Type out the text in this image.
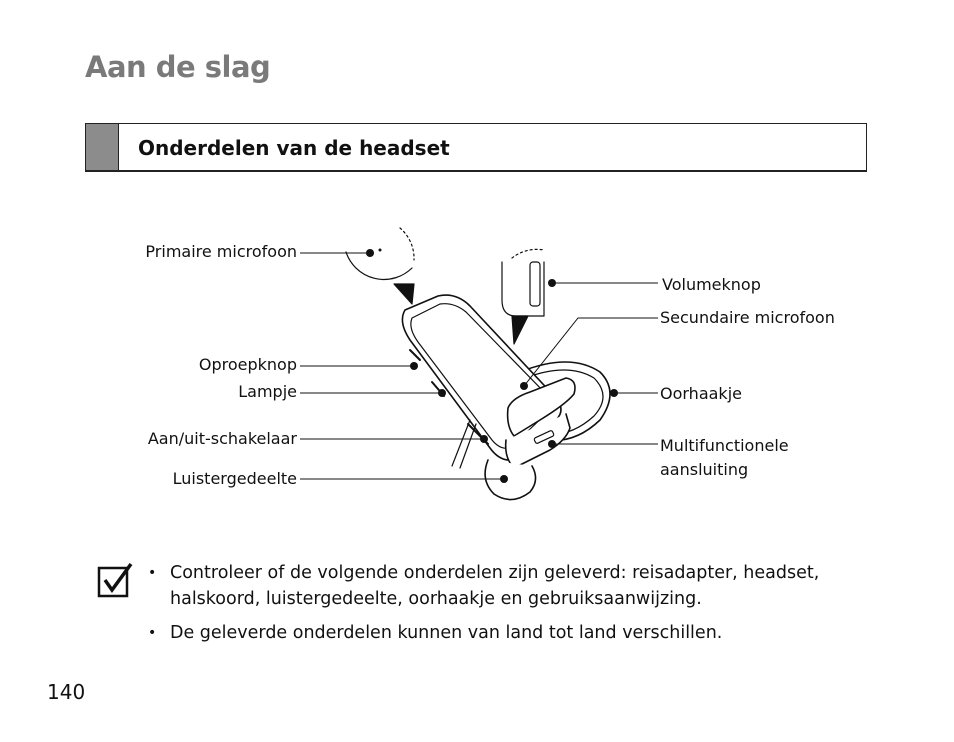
Aan de slag
Onderdelen van de headset
Primaire microfoon
Oproepknop
Lampje
Aan/uit-schakelaar
Luistergedeelte
Volumeknop
Secundaire microfoon
Oorhaakje
Multifunctionele
aansluiting
• Controleer of de volgende onderdelen zijn geleverd: reisadapter, headset, halskoord, luistergedeelte, oorhaakje en gebruiksaanwijzing.
• De geleverde onderdelen kunnen van land tot land verschillen.
140
